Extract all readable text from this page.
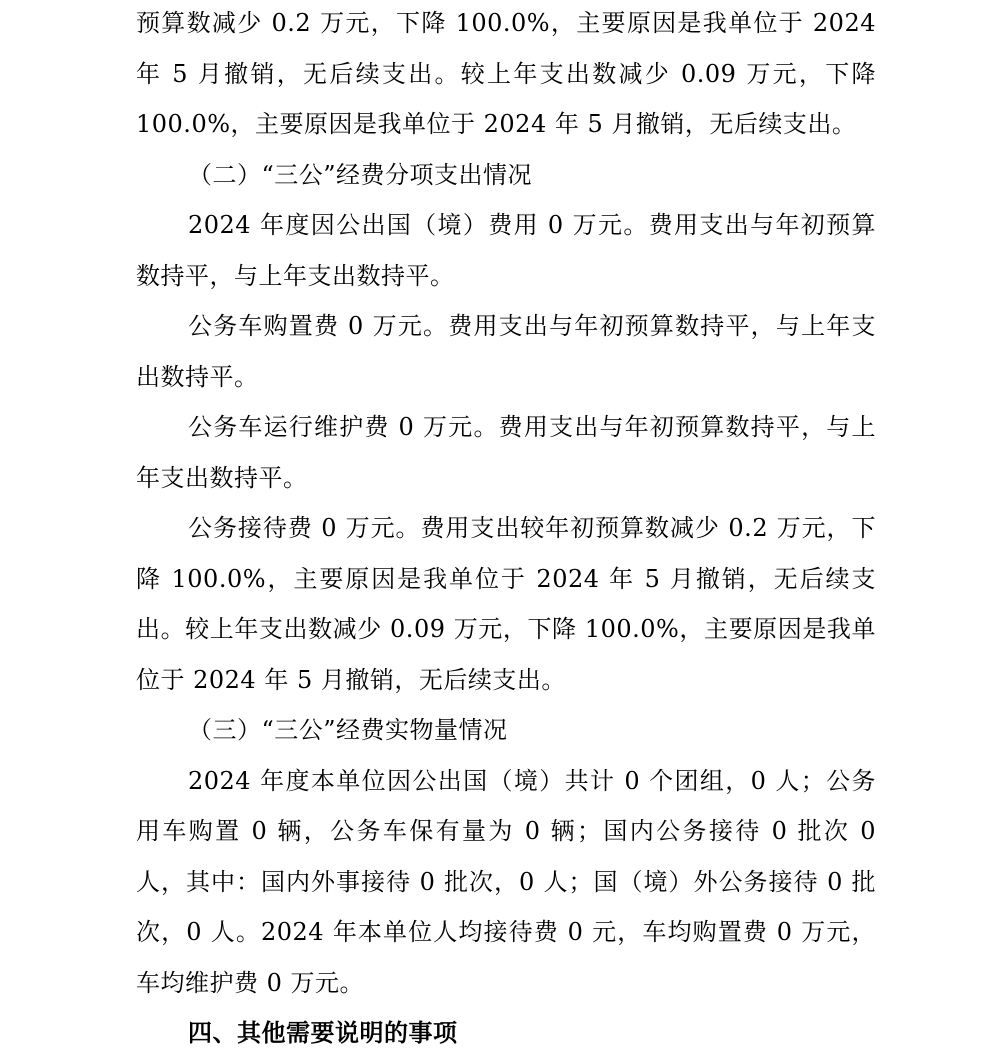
预算数减少 0.2 万元，下降 100.0%，主要原因是我单位于 2024 年 5 月撤销，无后续支出。较上年支出数减少 0.09 万元，下降 100.0%，主要原因是我单位于 2024 年 5 月撤销，无后续支出。

（二）“三公”经费分项支出情况

2024 年度因公出国（境）费用 0 万元。费用支出与年初预算数持平，与上年支出数持平。

公务车购置费 0 万元。费用支出与年初预算数持平，与上年支出数持平。

公务车运行维护费 0 万元。费用支出与年初预算数持平，与上年支出数持平。

公务接待费 0 万元。费用支出较年初预算数减少 0.2 万元，下降 100.0%，主要原因是我单位于 2024 年 5 月撤销，无后续支出。较上年支出数减少 0.09 万元，下降 100.0%，主要原因是我单位于 2024 年 5 月撤销，无后续支出。

（三）“三公”经费实物量情况

2024 年度本单位因公出国（境）共计 0 个团组，0 人；公务用车购置 0 辆，公务车保有量为 0 辆；国内公务接待 0 批次 0 人，其中：国内外事接待 0 批次，0 人；国（境）外公务接待 0 批次，0 人。2024 年本单位人均接待费 0 元，车均购置费 0 万元，车均维护费 0 万元。

四、其他需要说明的事项
